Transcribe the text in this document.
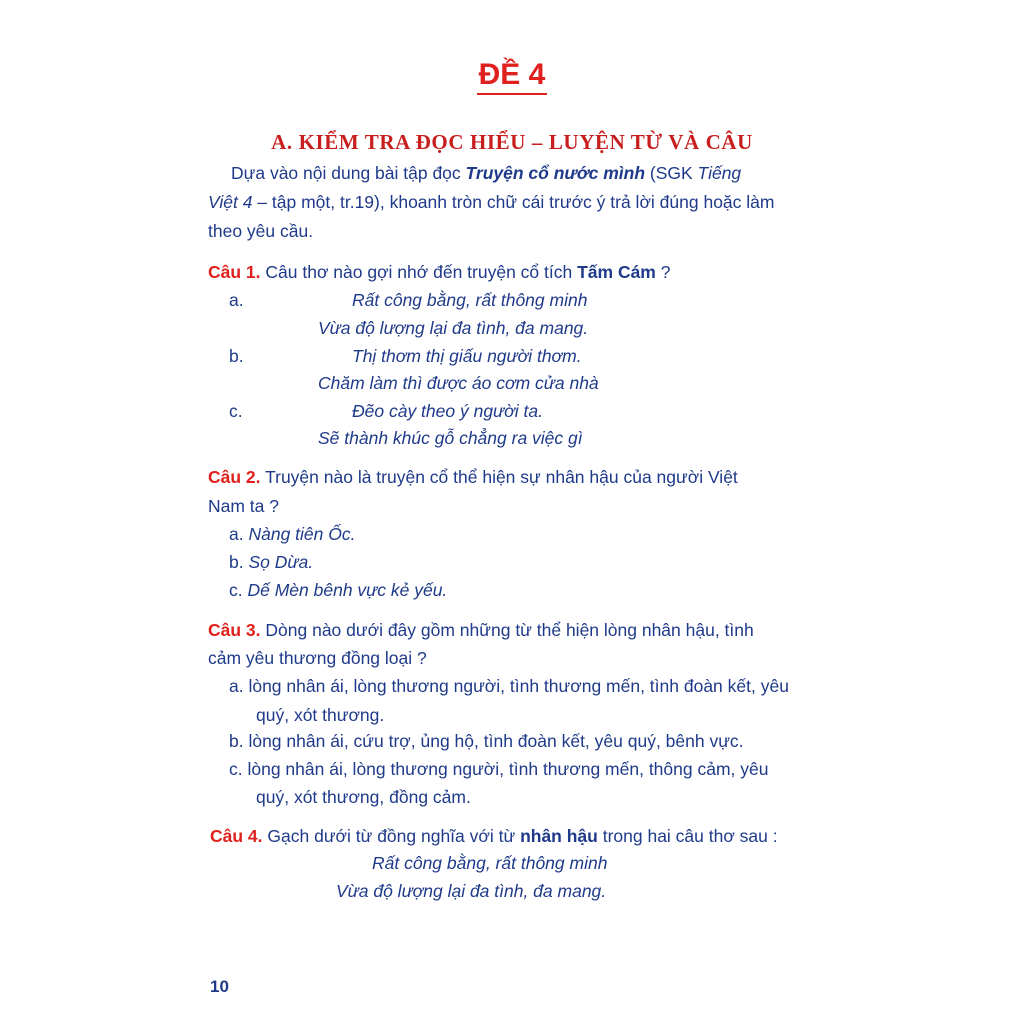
ĐỀ 4
A. KIỂM TRA ĐỌC HIỂU – LUYỆN TỪ VÀ CÂU
Dựa vào nội dung bài tập đọc Truyện cổ nước mình (SGK Tiếng
Việt 4 – tập một, tr.19), khoanh tròn chữ cái trước ý trả lời đúng hoặc làm
theo yêu cầu.
Câu 1. Câu thơ nào gợi nhớ đến truyện cổ tích Tấm Cám ?
a.	Rất công bằng, rất thông minh
Vừa độ lượng lại đa tình, đa mang.
b.	Thị thơm thị giấu người thơm.
Chăm làm thì được áo cơm cửa nhà
c.	Đẽo cày theo ý người ta.
Sẽ thành khúc gỗ chẳng ra việc gì
Câu 2. Truyện nào là truyện cổ thể hiện sự nhân hậu của người Việt
Nam ta ?
a. Nàng tiên Ốc.
b. Sọ Dừa.
c. Dế Mèn bênh vực kẻ yếu.
Câu 3. Dòng nào dưới đây gồm những từ thể hiện lòng nhân hậu, tình
cảm yêu thương đồng loại ?
a. lòng nhân ái, lòng thương người, tình thương mến, tình đoàn kết, yêu
quý, xót thương.
b. lòng nhân ái, cứu trợ, ủng hộ, tình đoàn kết, yêu quý, bênh vực.
c. lòng nhân ái, lòng thương người, tình thương mến, thông cảm, yêu
quý, xót thương, đồng cảm.
Câu 4. Gạch dưới từ đồng nghĩa với từ nhân hậu trong hai câu thơ sau :
Rất công bằng, rất thông minh
Vừa độ lượng lại đa tình, đa mang.
10
